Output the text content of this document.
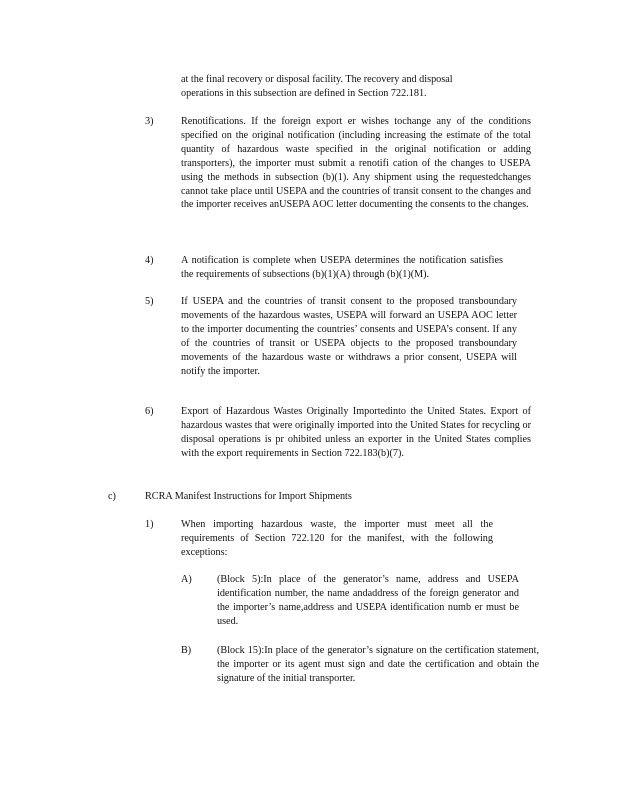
at the final recovery or disposal facility. The recovery and disposal
operations in this subsection are defined in Section 722.181.
3)	Renotifications. If the foreign export er wishes tochange any of the conditions specified on the original notification (including increasing the estimate of the total quantity of hazardous waste specified in the original notification or adding transporters), the importer must submit a renotifi cation of the changes to USEPA using the methods in subsection (b)(1). Any shipment using the requestedchanges cannot take place until USEPA and the countries of transit consent to the changes and the importer receives anUSEPA AOC letter documenting the consents to the changes.

4)	A notification is complete when USEPA determines the notification satisfies the requirements of subsections (b)(1)(A) through (b)(1)(M).

5)	If USEPA and the countries of transit consent to the proposed transboundary movements of the hazardous wastes, USEPA will forward an USEPA AOC letter to the importer documenting the countries’ consents and USEPA’s consent. If any of the countries of transit or USEPA objects to the proposed transboundary movements of the hazardous waste or withdraws a prior consent, USEPA will notify the importer.

6)	Export of Hazardous Wastes Originally Importedinto the United States. Export of hazardous wastes that were originally imported into the United States for recycling or disposal operations is pr ohibited unless an exporter in the United States complies with the export requirements in Section 722.183(b)(7).

c)	RCRA Manifest Instructions for Import Shipments
1)	When importing hazardous waste, the importer must meet all the requirements of Section 722.120 for the manifest, with the following exceptions:

A) (Block 5):In place of the generator’s name, address and USEPA identification number, the name andaddress of the foreign generator and the importer’s name,address and USEPA identification numb er must be used.

B)	(Block 15):In place of the generator’s signature on the certification statement, the importer or its agent must sign and date the certification and obtain the signature of the initial transporter.
